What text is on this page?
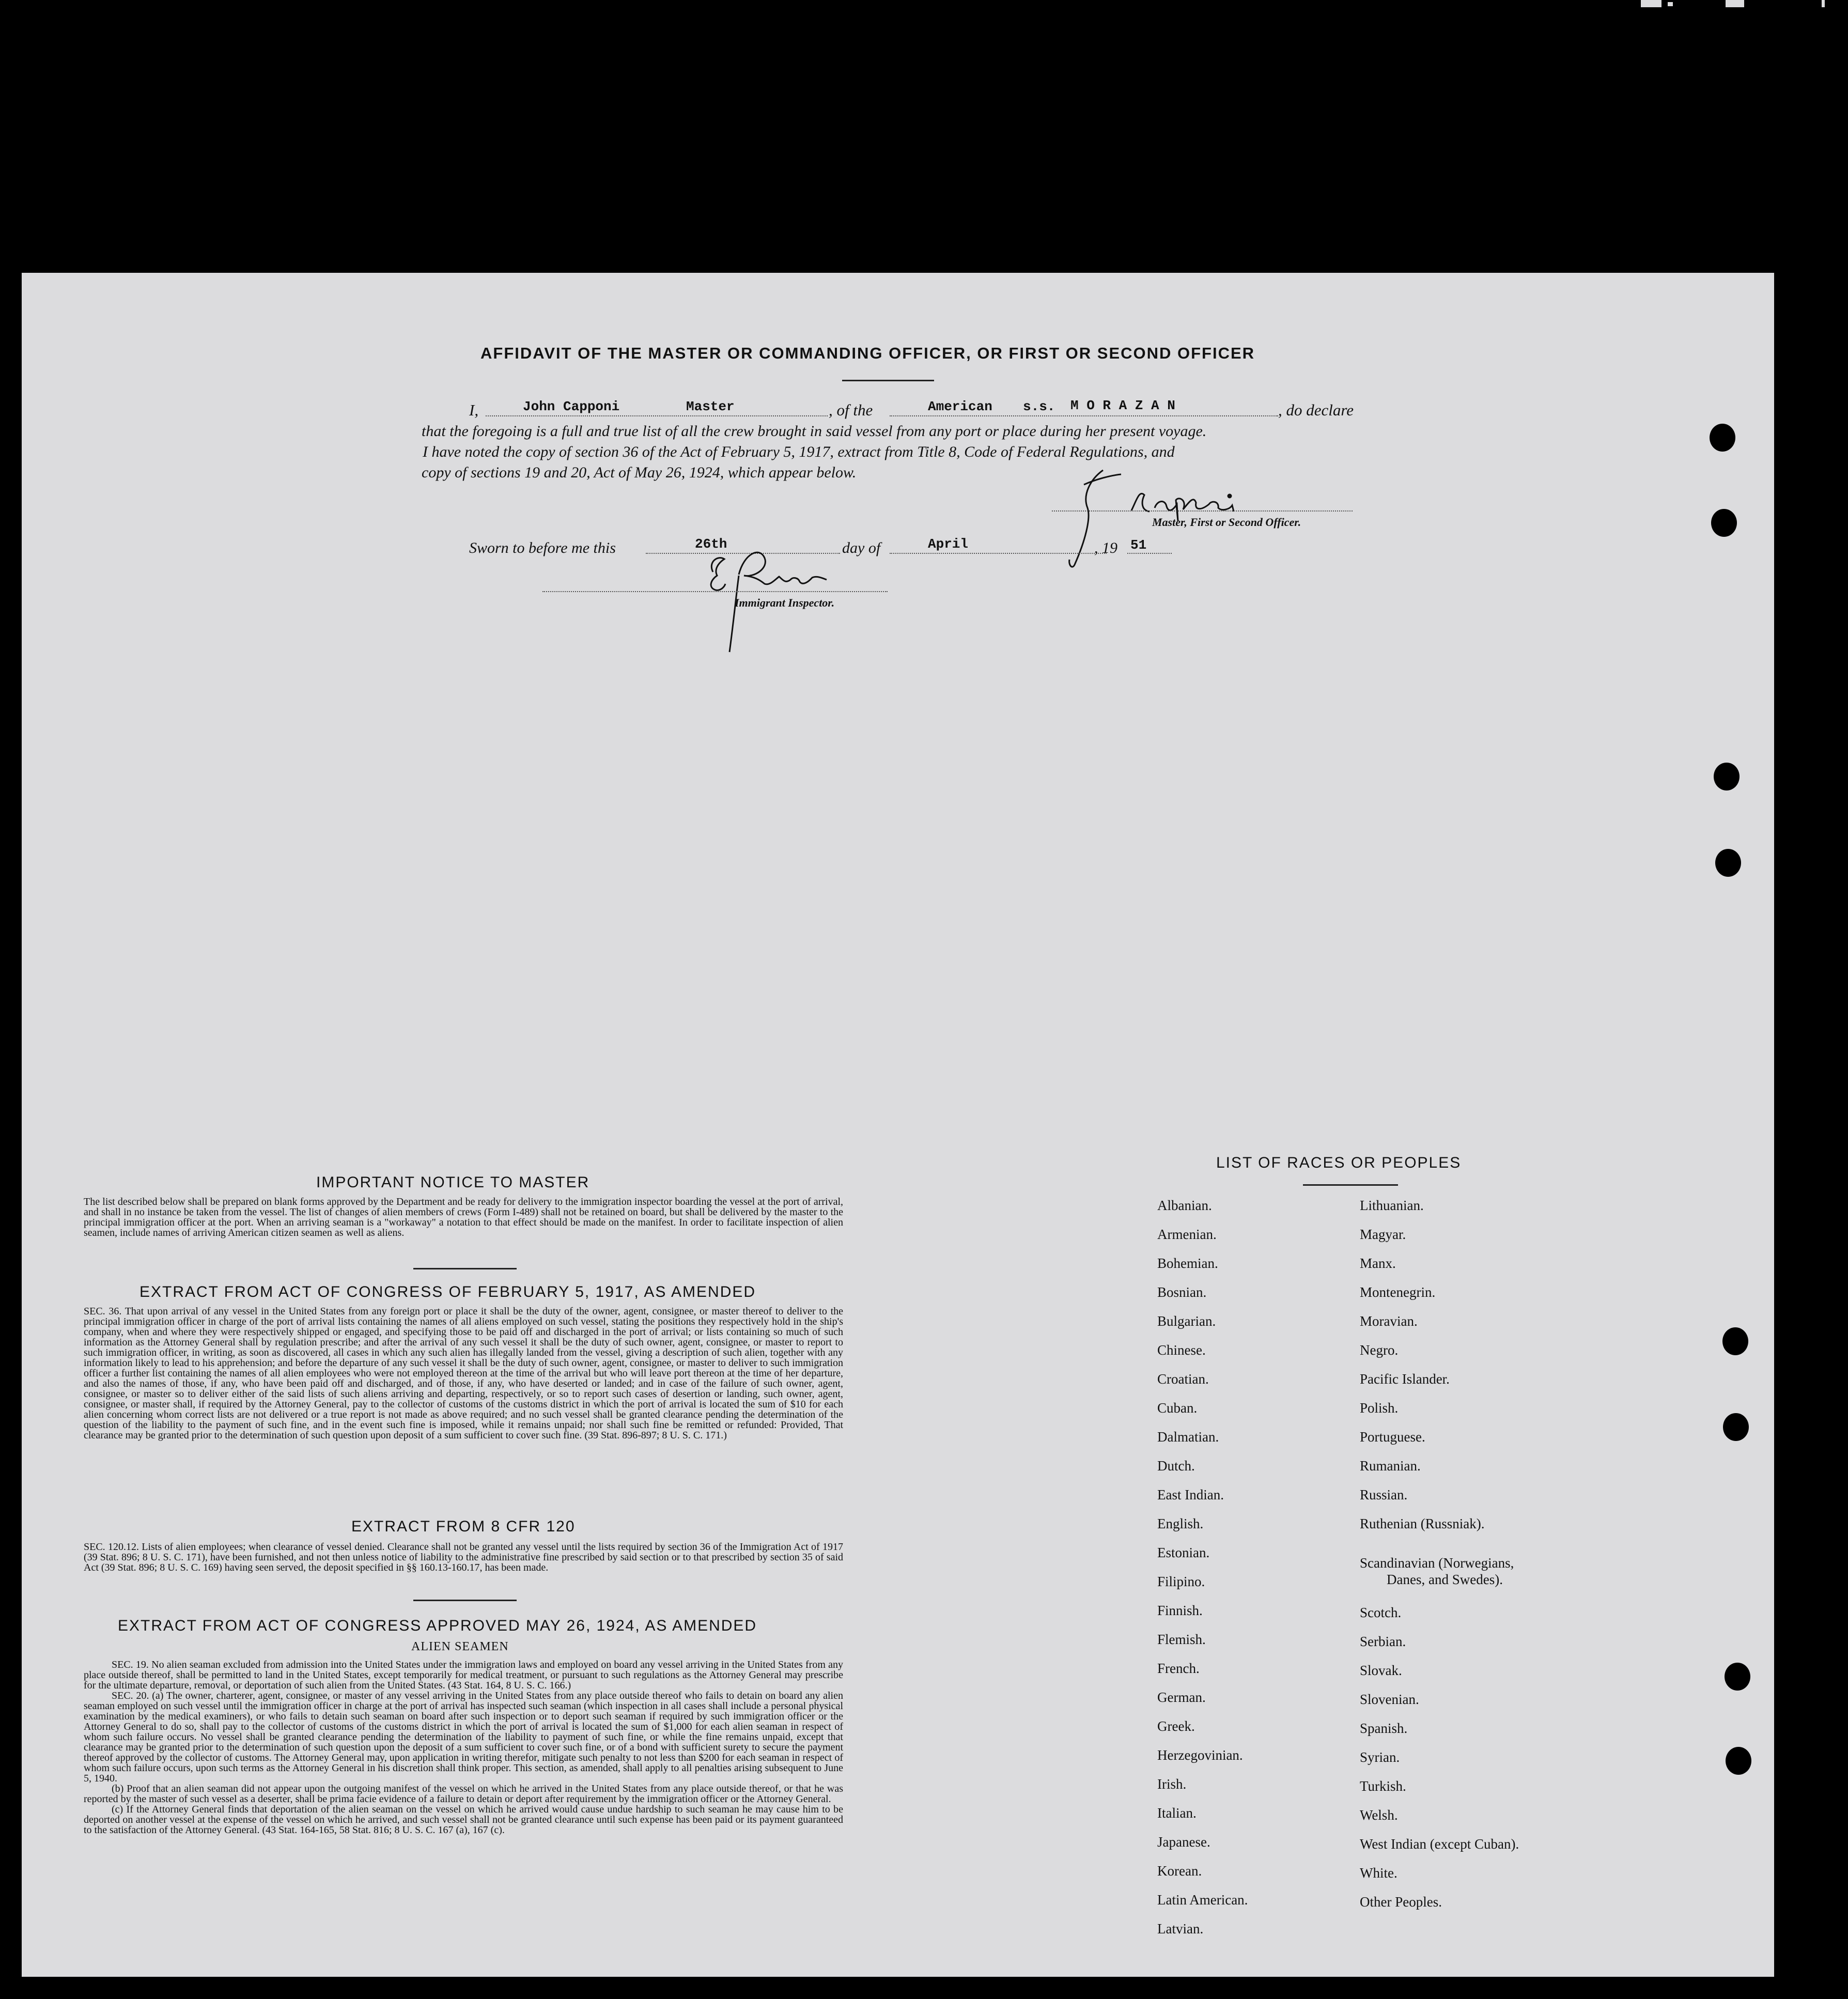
AFFIDAVIT OF THE MASTER OR COMMANDING OFFICER, OR FIRST OR SECOND OFFICER
I,	John Capponi	Master	, of the	American s.s. M O R A Z A N	, do declare
that the foregoing is a full and true list of all the crew brought in said vessel from any port or place during her present voyage.
I have noted the copy of section 36 of the Act of February 5, 1917, extract from Title 8, Code of Federal Regulations, and
copy of sections 19 and 20, Act of May 26, 1924, which appear below.
Master, First or Second Officer.
Sworn to before me this	26th	day of	April	, 19 51
Immigrant Inspector.
IMPORTANT NOTICE TO MASTER

The list described below shall be prepared on blank forms approved by the Department and be ready for delivery to the immigration inspector boarding the vessel at the port of arrival, and shall in no instance be taken from the vessel. The list of changes of alien members of crews (Form I-489) shall not be retained on board, but shall be delivered by the master to the principal immigration officer at the port. When an arriving seaman is a "workaway" a notation to that effect should be made on the manifest. In order to facilitate inspection of alien seamen, include names of arriving American citizen seamen as well as aliens.

EXTRACT FROM ACT OF CONGRESS OF FEBRUARY 5, 1917, AS AMENDED

SEC. 36. That upon arrival of any vessel in the United States from any foreign port or place it shall be the duty of the owner, agent, consignee, or master thereof to deliver to the principal immigration officer in charge of the port of arrival lists containing the names of all aliens employed on such vessel, stating the positions they respectively hold in the ship's company, when and where they were respectively shipped or engaged, and specifying those to be paid off and discharged in the port of arrival; or lists containing so much of such information as the Attorney General shall by regulation prescribe; and after the arrival of any such vessel it shall be the duty of such owner, agent, consignee, or master to report to such immigration officer, in writing, as soon as discovered, all cases in which any such alien has illegally landed from the vessel, giving a description of such alien, together with any information likely to lead to his apprehension; and before the departure of any such vessel it shall be the duty of such owner, agent, consignee, or master to deliver to such immigration officer a further list containing the names of all alien employees who were not employed thereon at the time of the arrival but who will leave port thereon at the time of her departure, and also the names of those, if any, who have been paid off and discharged, and of those, if any, who have deserted or landed; and in case of the failure of such owner, agent, consignee, or master so to deliver either of the said lists of such aliens arriving and departing, respectively, or so to report such cases of desertion or landing, such owner, agent, consignee, or master shall, if required by the Attorney General, pay to the collector of customs of the customs district in which the port of arrival is located the sum of $10 for each alien concerning whom correct lists are not delivered or a true report is not made as above required; and no such vessel shall be granted clearance pending the determination of the question of the liability to the payment of such fine, and in the event such fine is imposed, while it remains unpaid; nor shall such fine be remitted or refunded: Provided, That clearance may be granted prior to the determination of such question upon deposit of a sum sufficient to cover such fine. (39 Stat. 896-897; 8 U. S. C. 171.)

EXTRACT FROM 8 CFR 120

SEC. 120.12. Lists of alien employees; when clearance of vessel denied. Clearance shall not be granted any vessel until the lists required by section 36 of the Immigration Act of 1917 (39 Stat. 896; 8 U. S. C. 171), have been furnished, and not then unless notice of liability to the administrative fine prescribed by said section or to that prescribed by section 35 of said Act (39 Stat. 896; 8 U. S. C. 169) having seen served, the deposit specified in §§ 160.13-160.17, has been made.

EXTRACT FROM ACT OF CONGRESS APPROVED MAY 26, 1924, AS AMENDED
ALIEN SEAMEN

SEC. 19. No alien seaman excluded from admission into the United States under the immigration laws and employed on board any vessel arriving in the United States from any place outside thereof, shall be permitted to land in the United States, except temporarily for medical treatment, or pursuant to such regulations as the Attorney General may prescribe for the ultimate departure, removal, or deportation of such alien from the United States. (43 Stat. 164, 8 U. S. C. 166.)

SEC. 20. (a) The owner, charterer, agent, consignee, or master of any vessel arriving in the United States from any place outside thereof who fails to detain on board any alien seaman employed on such vessel until the immigration officer in charge at the port of arrival has inspected such seaman (which inspection in all cases shall include a personal physical examination by the medical examiners), or who fails to detain such seaman on board after such inspection or to deport such seaman if required by such immigration officer or the Attorney General to do so, shall pay to the collector of customs of the customs district in which the port of arrival is located the sum of $1,000 for each alien seaman in respect of whom such failure occurs. No vessel shall be granted clearance pending the determination of the liability to payment of such fine, or while the fine remains unpaid, except that clearance may be granted prior to the determination of such question upon the deposit of a sum sufficient to cover such fine, or of a bond with sufficient surety to secure the payment thereof approved by the collector of customs. The Attorney General may, upon application in writing therefor, mitigate such penalty to not less than $200 for each seaman in respect of whom such failure occurs, upon such terms as the Attorney General in his discretion shall think proper. This section, as amended, shall apply to all penalties arising subsequent to June 5, 1940.

(b) Proof that an alien seaman did not appear upon the outgoing manifest of the vessel on which he arrived in the United States from any place outside thereof, or that he was reported by the master of such vessel as a deserter, shall be prima facie evidence of a failure to detain or deport after requirement by the immigration officer or the Attorney General.

(c) If the Attorney General finds that deportation of the alien seaman on the vessel on which he arrived would cause undue hardship to such seaman he may cause him to be deported on another vessel at the expense of the vessel on which he arrived, and such vessel shall not be granted clearance until such expense has been paid or its payment guaranteed to the satisfaction of the Attorney General. (43 Stat. 164-165, 58 Stat. 816; 8 U. S. C. 167 (a), 167 (c).

LIST OF RACES OR PEOPLES
Albanian.
Armenian.
Bohemian.
Bosnian.
Bulgarian.
Chinese.
Croatian.
Cuban.
Dalmatian.
Dutch.
East Indian.
English.
Estonian.
Filipino.
Finnish.
Flemish.
French.
German.
Greek.
Herzegovinian.
Irish.
Italian.
Japanese.
Korean.
Latin American.
Latvian.
Lithuanian.
Magyar.
Manx.
Montenegrin.
Moravian.
Negro.
Pacific Islander.
Polish.
Portuguese.
Rumanian.
Russian.
Ruthenian (Russniak).
Scandinavian (Norwegians,
Danes, and Swedes).
Scotch.
Serbian.
Slovak.
Slovenian.
Spanish.
Syrian.
Turkish.
Welsh.
West Indian (except Cuban).
White.
Other Peoples.
